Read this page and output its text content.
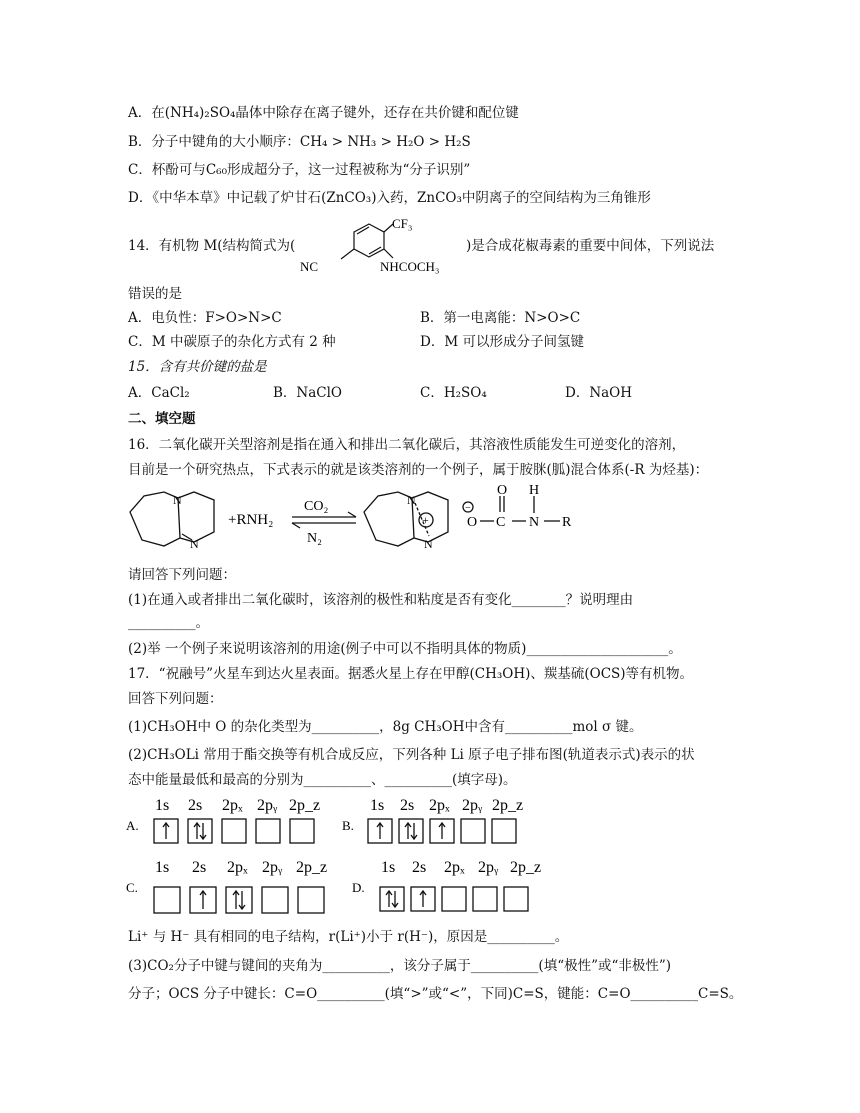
A．在(NH₄)₂SO₄晶体中除存在离子键外，还存在共价键和配位键
B．分子中键角的大小顺序：CH₄ > NH₃ > H₂O > H₂S
C．杯酚可与C₆₀形成超分子，这一过程被称为“分子识别”
D．《中华本草》中记载了炉甘石(ZnCO₃)入药，ZnCO₃中阴离子的空间结构为三角锥形
14．有机物 M(结构简式为(
CF₃
NC	NHCOCH₃
)是合成花椒毒素的重要中间体，下列说法
错误的是
A．电负性：F>O>N>C	B．第一电离能：N>O>C
C．M 中碳原子的杂化方式有 2 种	D．M 可以形成分子间氢键
15．含有共价键的盐是
A．CaCl₂	B．NaClO	C．H₂SO₄	D．NaOH
二、填空题
16．二氧化碳开关型溶剂是指在通入和排出二氧化碳后，其溶液性质能发生可逆变化的溶剂，
目前是一个研究热点，下式表示的就是该类溶剂的一个例子，属于胺脒(胍)混合体系(-R 为烃基)：
N
N
+RNH₂
CO₂
N₂
N
N
+
−
O C
O
N
H
R
请回答下列问题：
(1)在通入或者排出二氧化碳时，该溶剂的极性和粘度是否有变化________？说明理由
__________。
(2)举 一个例子来说明该溶剂的用途(例子中可以不指明具体的物质)_____________________。
17．“祝融号”火星车到达火星表面。据悉火星上存在甲醇(CH₃OH)、羰基硫(OCS)等有机物。
回答下列问题：
(1)CH₃OH中 O 的杂化类型为__________，8g CH₃OH中含有__________mol σ 键。
(2)CH₃OLi 常用于酯交换等有机合成反应，下列各种 Li 原子电子排布图(轨道表示式)表示的状
态中能量最低和最高的分别为__________、__________(填字母)。
A.
1s 2s 2pₓ 2pᵧ 2p_z
B.
1s 2s 2pₓ 2pᵧ 2p_z
C.
1s 2s 2pₓ 2pᵧ 2p_z
D.
1s 2s 2pₓ 2pᵧ 2p_z
Li⁺ 与 H⁻ 具有相同的电子结构，r(Li⁺)小于 r(H⁻)，原因是__________。
(3)CO₂分子中键与键间的夹角为__________，该分子属于__________(填“极性”或“非极性”)
分子；OCS 分子中键长：C=O__________(填“>”或“<”，下同)C=S，键能：C=O__________C=S。
